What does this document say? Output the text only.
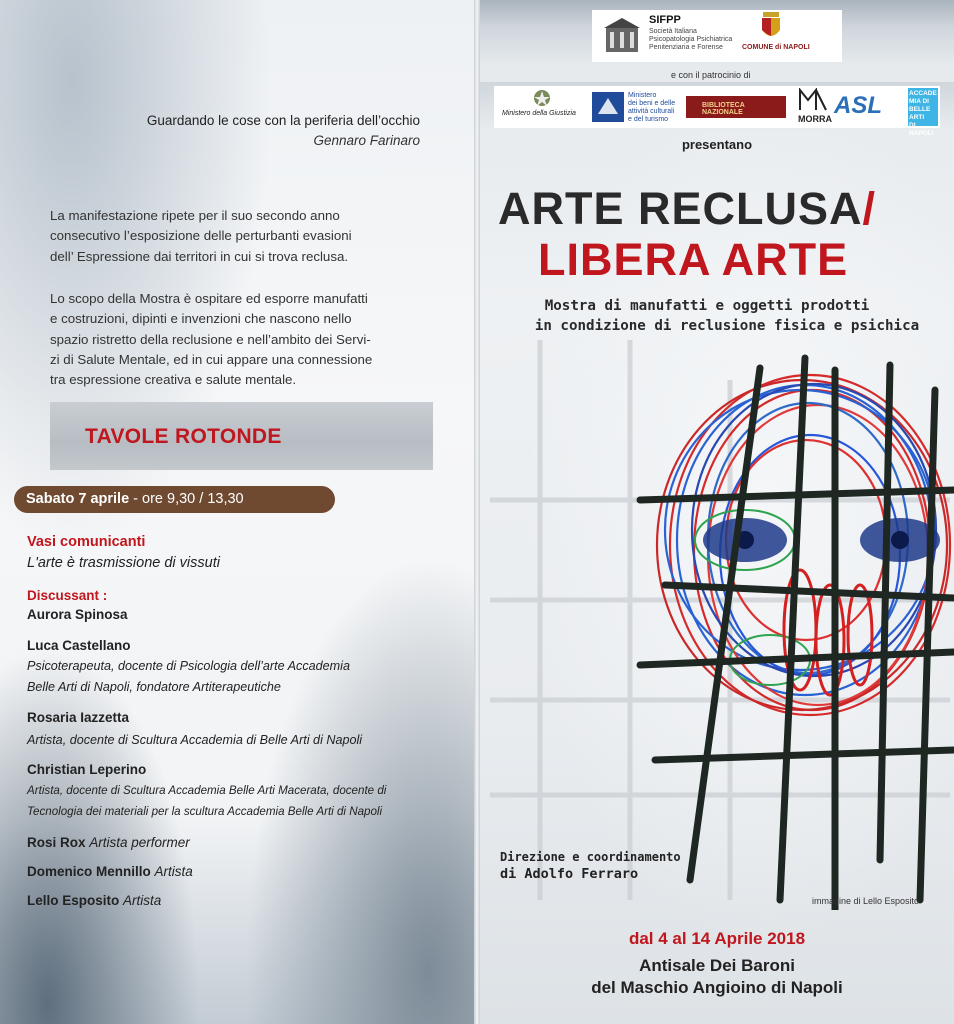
Guardando le cose con la periferia dell’occhio
Gennaro Farinaro
La manifestazione ripete per il suo secondo anno
consecutivo l’esposizione delle perturbanti evasioni
dell’ Espressione dai territori in cui si trova reclusa.
Lo scopo della Mostra è ospitare ed esporre manufatti
e costruzioni, dipinti e invenzioni che nascono nello
spazio ristretto della reclusione e nell’ambito dei Servi-
zi di Salute Mentale, ed in cui appare una connessione
tra espressione creativa e salute mentale.
TAVOLE ROTONDE
Sabato 7 aprile - ore 9,30 / 13,30
Vasi comunicanti
L'arte è trasmissione di vissuti
Discussant :
Aurora Spinosa
Luca Castellano
Psicoterapeuta, docente di Psicologia dell’arte Accademia
Belle Arti di Napoli, fondatore Artiterapeutiche
Rosaria Iazzetta
Artista, docente di Scultura Accademia di Belle Arti di Napoli
Christian Leperino
Artista, docente di Scultura Accademia Belle Arti Macerata, docente di
Tecnologia dei materiali per la scultura Accademia Belle Arti di Napoli
Rosi Rox Artista performer
Domenico Mennillo Artista
Lello Esposito Artista
SIFPP
Società Italiana
Psicopatologia Psichiatrica
Penitenziaria e Forense	COMUNE di NAPOLI
e con il patrocinio di
Ministero della Giustizia
Ministero
dei beni e delle
attività culturali
e del turismo
BIBLIOTECA NAZIONALE
MORRA ASL	ACCADE
MIA DI
BELLE ARTI
DI NAPOLI
presentano
ARTE RECLUSA/
LIBERA ARTE
Mostra di manufatti e oggetti prodotti
in condizione di reclusione fisica e psichica
Direzione e coordinamento
di Adolfo Ferraro
immagine di Lello Esposito
dal 4 al 14 Aprile 2018
Antisale Dei Baroni
del Maschio Angioino di Napoli
